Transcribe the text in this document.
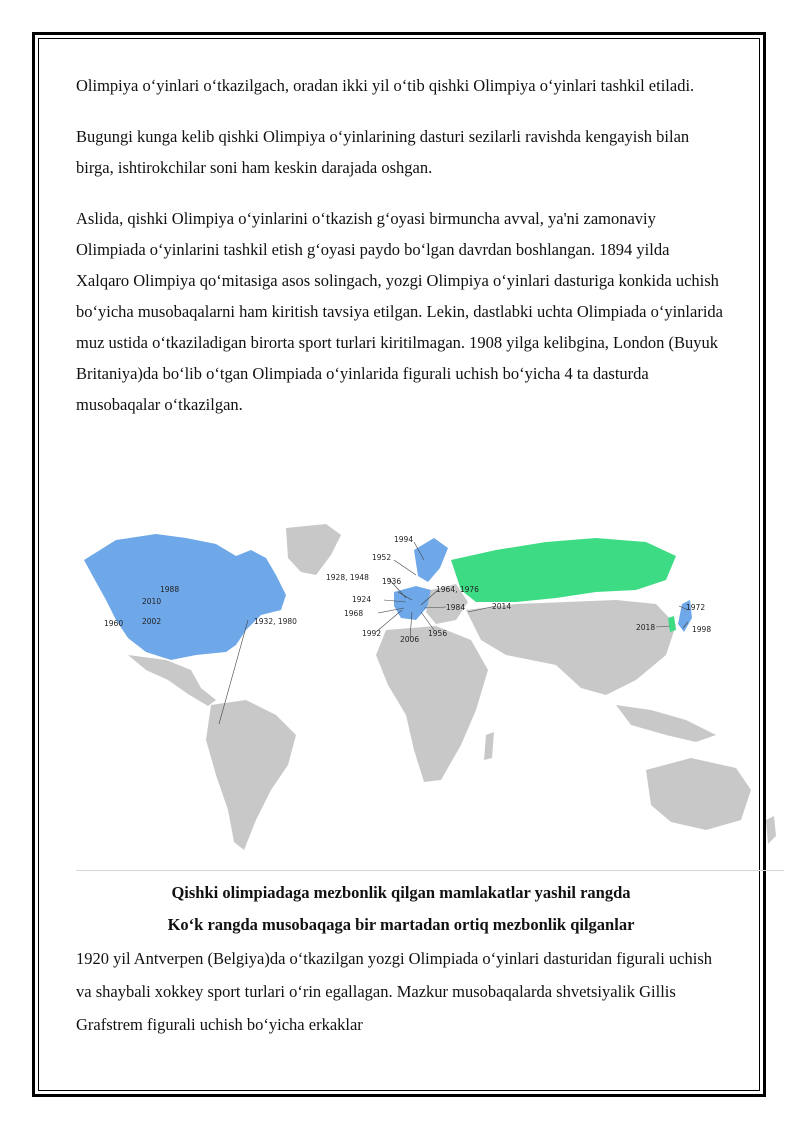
Olimpiya o‘yinlari o‘tkazilgach, oradan ikki yil o‘tib qishki Olimpiya o‘yinlari tashkil etiladi.

Bugungi kunga kelib qishki Olimpiya o‘yinlarining dasturi sezilarli ravishda kengayish bilan birga, ishtirokchilar soni ham keskin darajada oshgan.

Aslida, qishki Olimpiya o‘yinlarini o‘tkazish g‘oyasi birmuncha avval, ya'ni zamonaviy Olimpiada o‘yinlarini tashkil etish g‘oyasi paydo bo‘lgan davrdan boshlangan. 1894 yilda Xalqaro Olimpiya qo‘mitasiga asos solingach, yozgi Olimpiya o‘yinlari dasturiga konkida uchish bo‘yicha musobaqalarni ham kiritish tavsiya etilgan. Lekin, dastlabki uchta Olimpiada o‘yinlarida muz ustida o‘tkaziladigan birorta sport turlari kiritilmagan. 1908 yilga kelibgina, London (Buyuk Britaniya)da bo‘lib o‘tgan Olimpiada o‘yinlarida figurali uchish bo‘yicha 4 ta dasturda musobaqalar o‘tkazilgan.

1994
1952
1928, 1948 1936
1924
1968
1992
2006
1956
1964, 1976
1984	2014	1972
1998
2018
1988
2010
1960	2002	1932, 1980
Qishki olimpiadaga mezbonlik qilgan mamlakatlar yashil rangda
Ko‘k rangda musobaqaga bir martadan ortiq mezbonlik qilganlar
1920 yil Antverpen (Belgiya)da o‘tkazilgan yozgi Olimpiada o‘yinlari dasturidan figurali uchish va shaybali xokkey sport turlari o‘rin egallagan. Mazkur musobaqalarda shvetsiyalik Gillis Grafstrem figurali uchish bo‘yicha erkaklar
